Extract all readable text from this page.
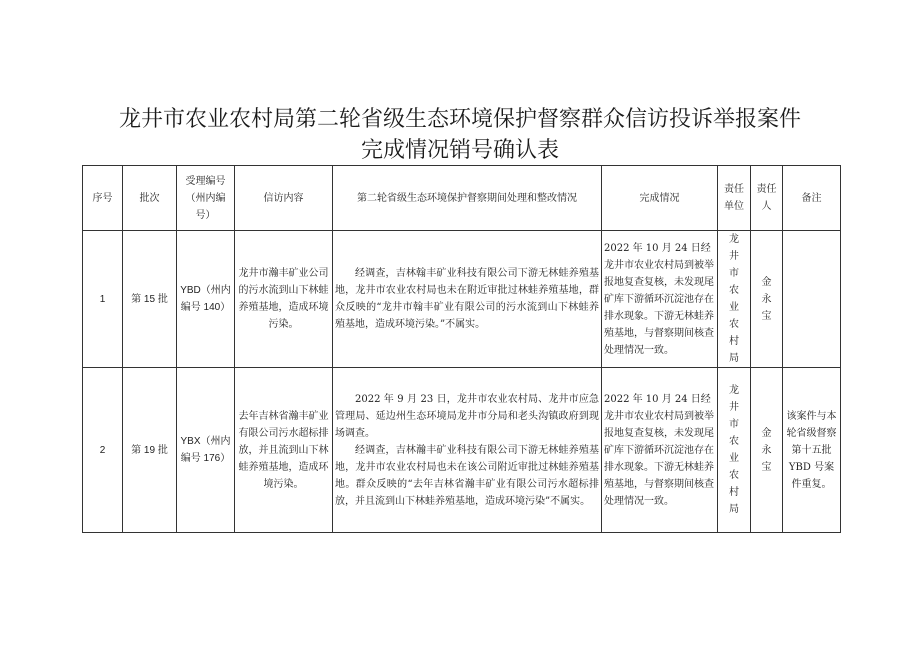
龙井市农业农村局第二轮省级生态环境保护督察群众信访投诉举报案件
完成情况销号确认表
序号	批次	受理编号（州内编号）	信访内容	第二轮省级生态环境保护督察期间处理和整改情况	完成情况	责任单位	责任人	备注
1	第 15 批	YBD（州内编号 140）	龙井市瀚丰矿业公司的污水流到山下林蛙养殖基地，造成环境污染。	经调查，吉林翰丰矿业科技有限公司下游无林蛙养殖基地，龙井市农业农村局也未在附近审批过林蛙养殖基地，群众反映的“龙井市翰丰矿业有限公司的污水流到山下林蛙养殖基地，造成环境污染。”不属实。	2022 年 10 月 24 日经龙井市农业农村局到被举报地复查复核，未发现尾矿库下游循环沉淀池存在排水现象。下游无林蛙养殖基地，与督察期间核查处理情况一致。	龙井市农业农村局	金永宝	
2	第 19 批	YBX（州内编号 176）	去年吉林省瀚丰矿业有限公司污水超标排放，并且流到山下林蛙养殖基地，造成环境污染。	2022 年 9 月 23 日，龙井市农业农村局、龙井市应急管理局、延边州生态环境局龙井市分局和老头沟镇政府到现场调查。

经调查，吉林瀚丰矿业科技有限公司下游无林蛙养殖基地，龙井市农业农村局也未在该公司附近审批过林蛙养殖基地。群众反映的“去年吉林省瀚丰矿业有限公司污水超标排放，并且流到山下林蛙养殖基地，造成环境污染”不属实。	2022 年 10 月 24 日经龙井市农业农村局到被举报地复查复核，未发现尾矿库下游循环沉淀池存在排水现象。下游无林蛙养殖基地，与督察期间核查处理情况一致。	龙井市农业农村局	金永宝	该案件与本轮省级督察第十五批 YBD 号案件重复。
